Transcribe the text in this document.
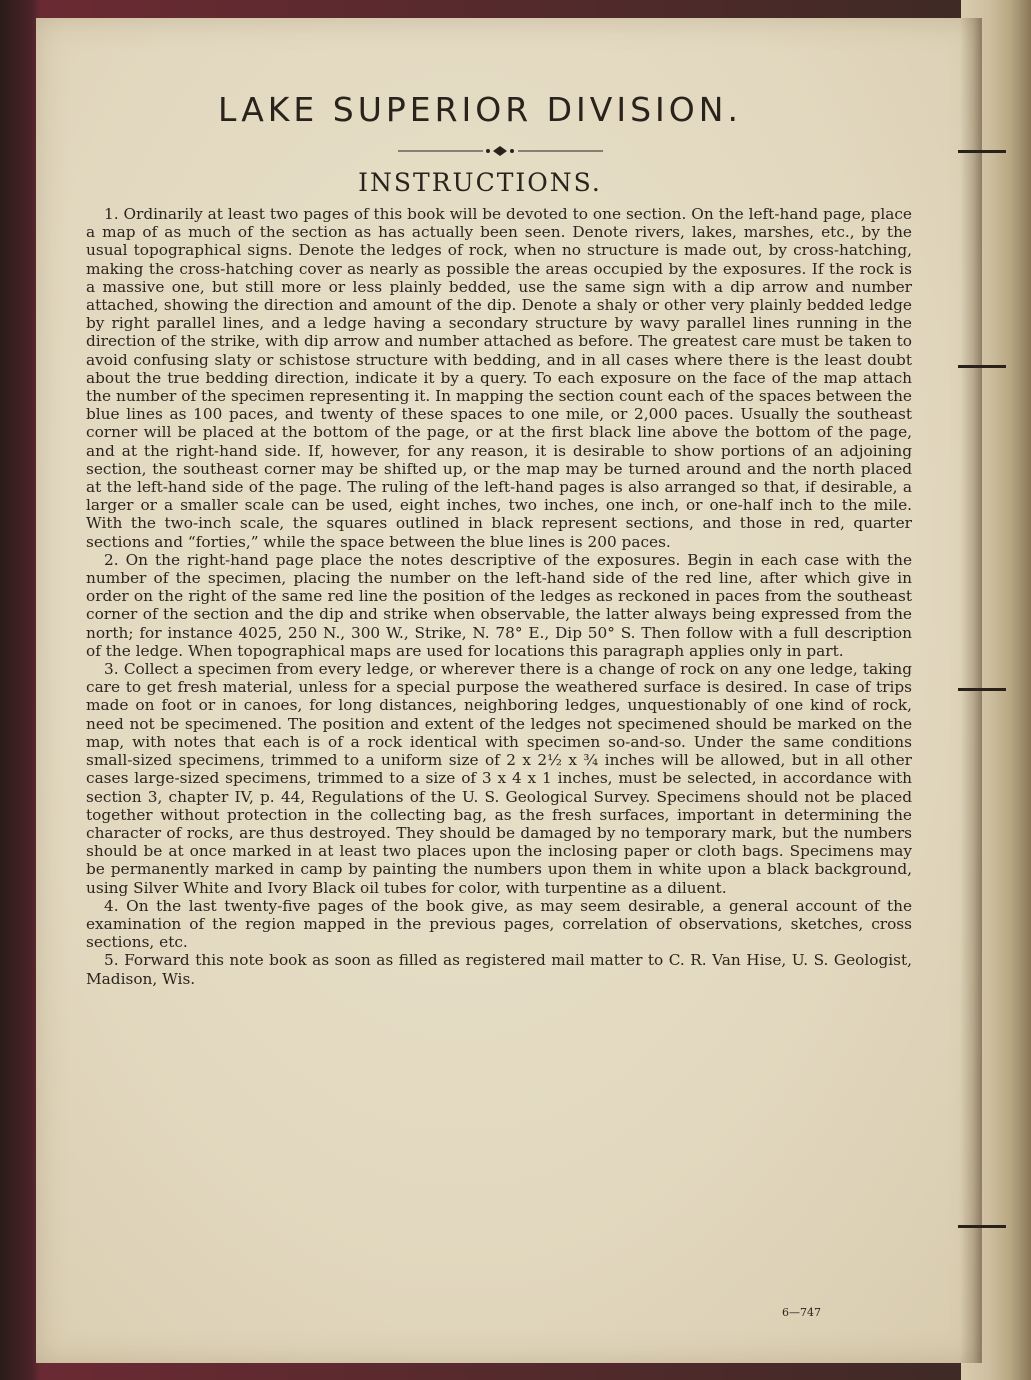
LAKE SUPERIOR DIVISION.
INSTRUCTIONS.

1. Ordinarily at least two pages of this book will be devoted to one section. On the left-hand page, place a map of as much of the section as has actually been seen. Denote rivers, lakes, marshes, etc., by the usual topographical signs. Denote the ledges of rock, when no structure is made out, by cross-hatching, making the cross-hatching cover as nearly as possible the areas occupied by the exposures. If the rock is a massive one, but still more or less plainly bedded, use the same sign with a dip arrow and number attached, showing the direction and amount of the dip. Denote a shaly or other very plainly bedded ledge by right parallel lines, and a ledge having a secondary structure by wavy parallel lines running in the direction of the strike, with dip arrow and number attached as before. The greatest care must be taken to avoid confusing slaty or schistose structure with bedding, and in all cases where there is the least doubt about the true bedding direction, indicate it by a query. To each exposure on the face of the map attach the number of the specimen representing it. In mapping the section count each of the spaces between the blue lines as 100 paces, and twenty of these spaces to one mile, or 2,000 paces. Usually the southeast corner will be placed at the bottom of the page, or at the first black line above the bottom of the page, and at the right-hand side. If, however, for any reason, it is desirable to show portions of an adjoining section, the southeast corner may be shifted up, or the map may be turned around and the north placed at the left-hand side of the page. The ruling of the left-hand pages is also arranged so that, if desirable, a larger or a smaller scale can be used, eight inches, two inches, one inch, or one-half inch to the mile. With the two-inch scale, the squares outlined in black represent sections, and those in red, quarter sections and “forties,” while the space between the blue lines is 200 paces.

2. On the right-hand page place the notes descriptive of the exposures. Begin in each case with the number of the specimen, placing the number on the left-hand side of the red line, after which give in order on the right of the same red line the position of the ledges as reckoned in paces from the southeast corner of the section and the dip and strike when observable, the latter always being expressed from the north; for instance 4025, 250 N., 300 W., Strike, N. 78° E., Dip 50° S. Then follow with a full description of the ledge. When topographical maps are used for locations this paragraph applies only in part.

3. Collect a specimen from every ledge, or wherever there is a change of rock on any one ledge, taking care to get fresh material, unless for a special purpose the weathered surface is desired. In case of trips made on foot or in canoes, for long distances, neighboring ledges, unquestionably of one kind of rock, need not be specimened. The position and extent of the ledges not specimened should be marked on the map, with notes that each is of a rock identical with specimen so-and-so. Under the same conditions small-sized specimens, trimmed to a uniform size of 2 x 2½ x ¾ inches will be allowed, but in all other cases large-sized specimens, trimmed to a size of 3 x 4 x 1 inches, must be selected, in accordance with section 3, chapter IV, p. 44, Regulations of the U. S. Geological Survey. Specimens should not be placed together without protection in the collecting bag, as the fresh surfaces, important in determining the character of rocks, are thus destroyed. They should be damaged by no temporary mark, but the numbers should be at once marked in at least two places upon the inclosing paper or cloth bags. Specimens may be permanently marked in camp by painting the numbers upon them in white upon a black background, using Silver White and Ivory Black oil tubes for color, with turpentine as a diluent.

4. On the last twenty-five pages of the book give, as may seem desirable, a general account of the examination of the region mapped in the previous pages, correlation of observations, sketches, cross sections, etc.

5. Forward this note book as soon as filled as registered mail matter to C. R. Van Hise, U. S. Geologist, Madison, Wis.

6—747
